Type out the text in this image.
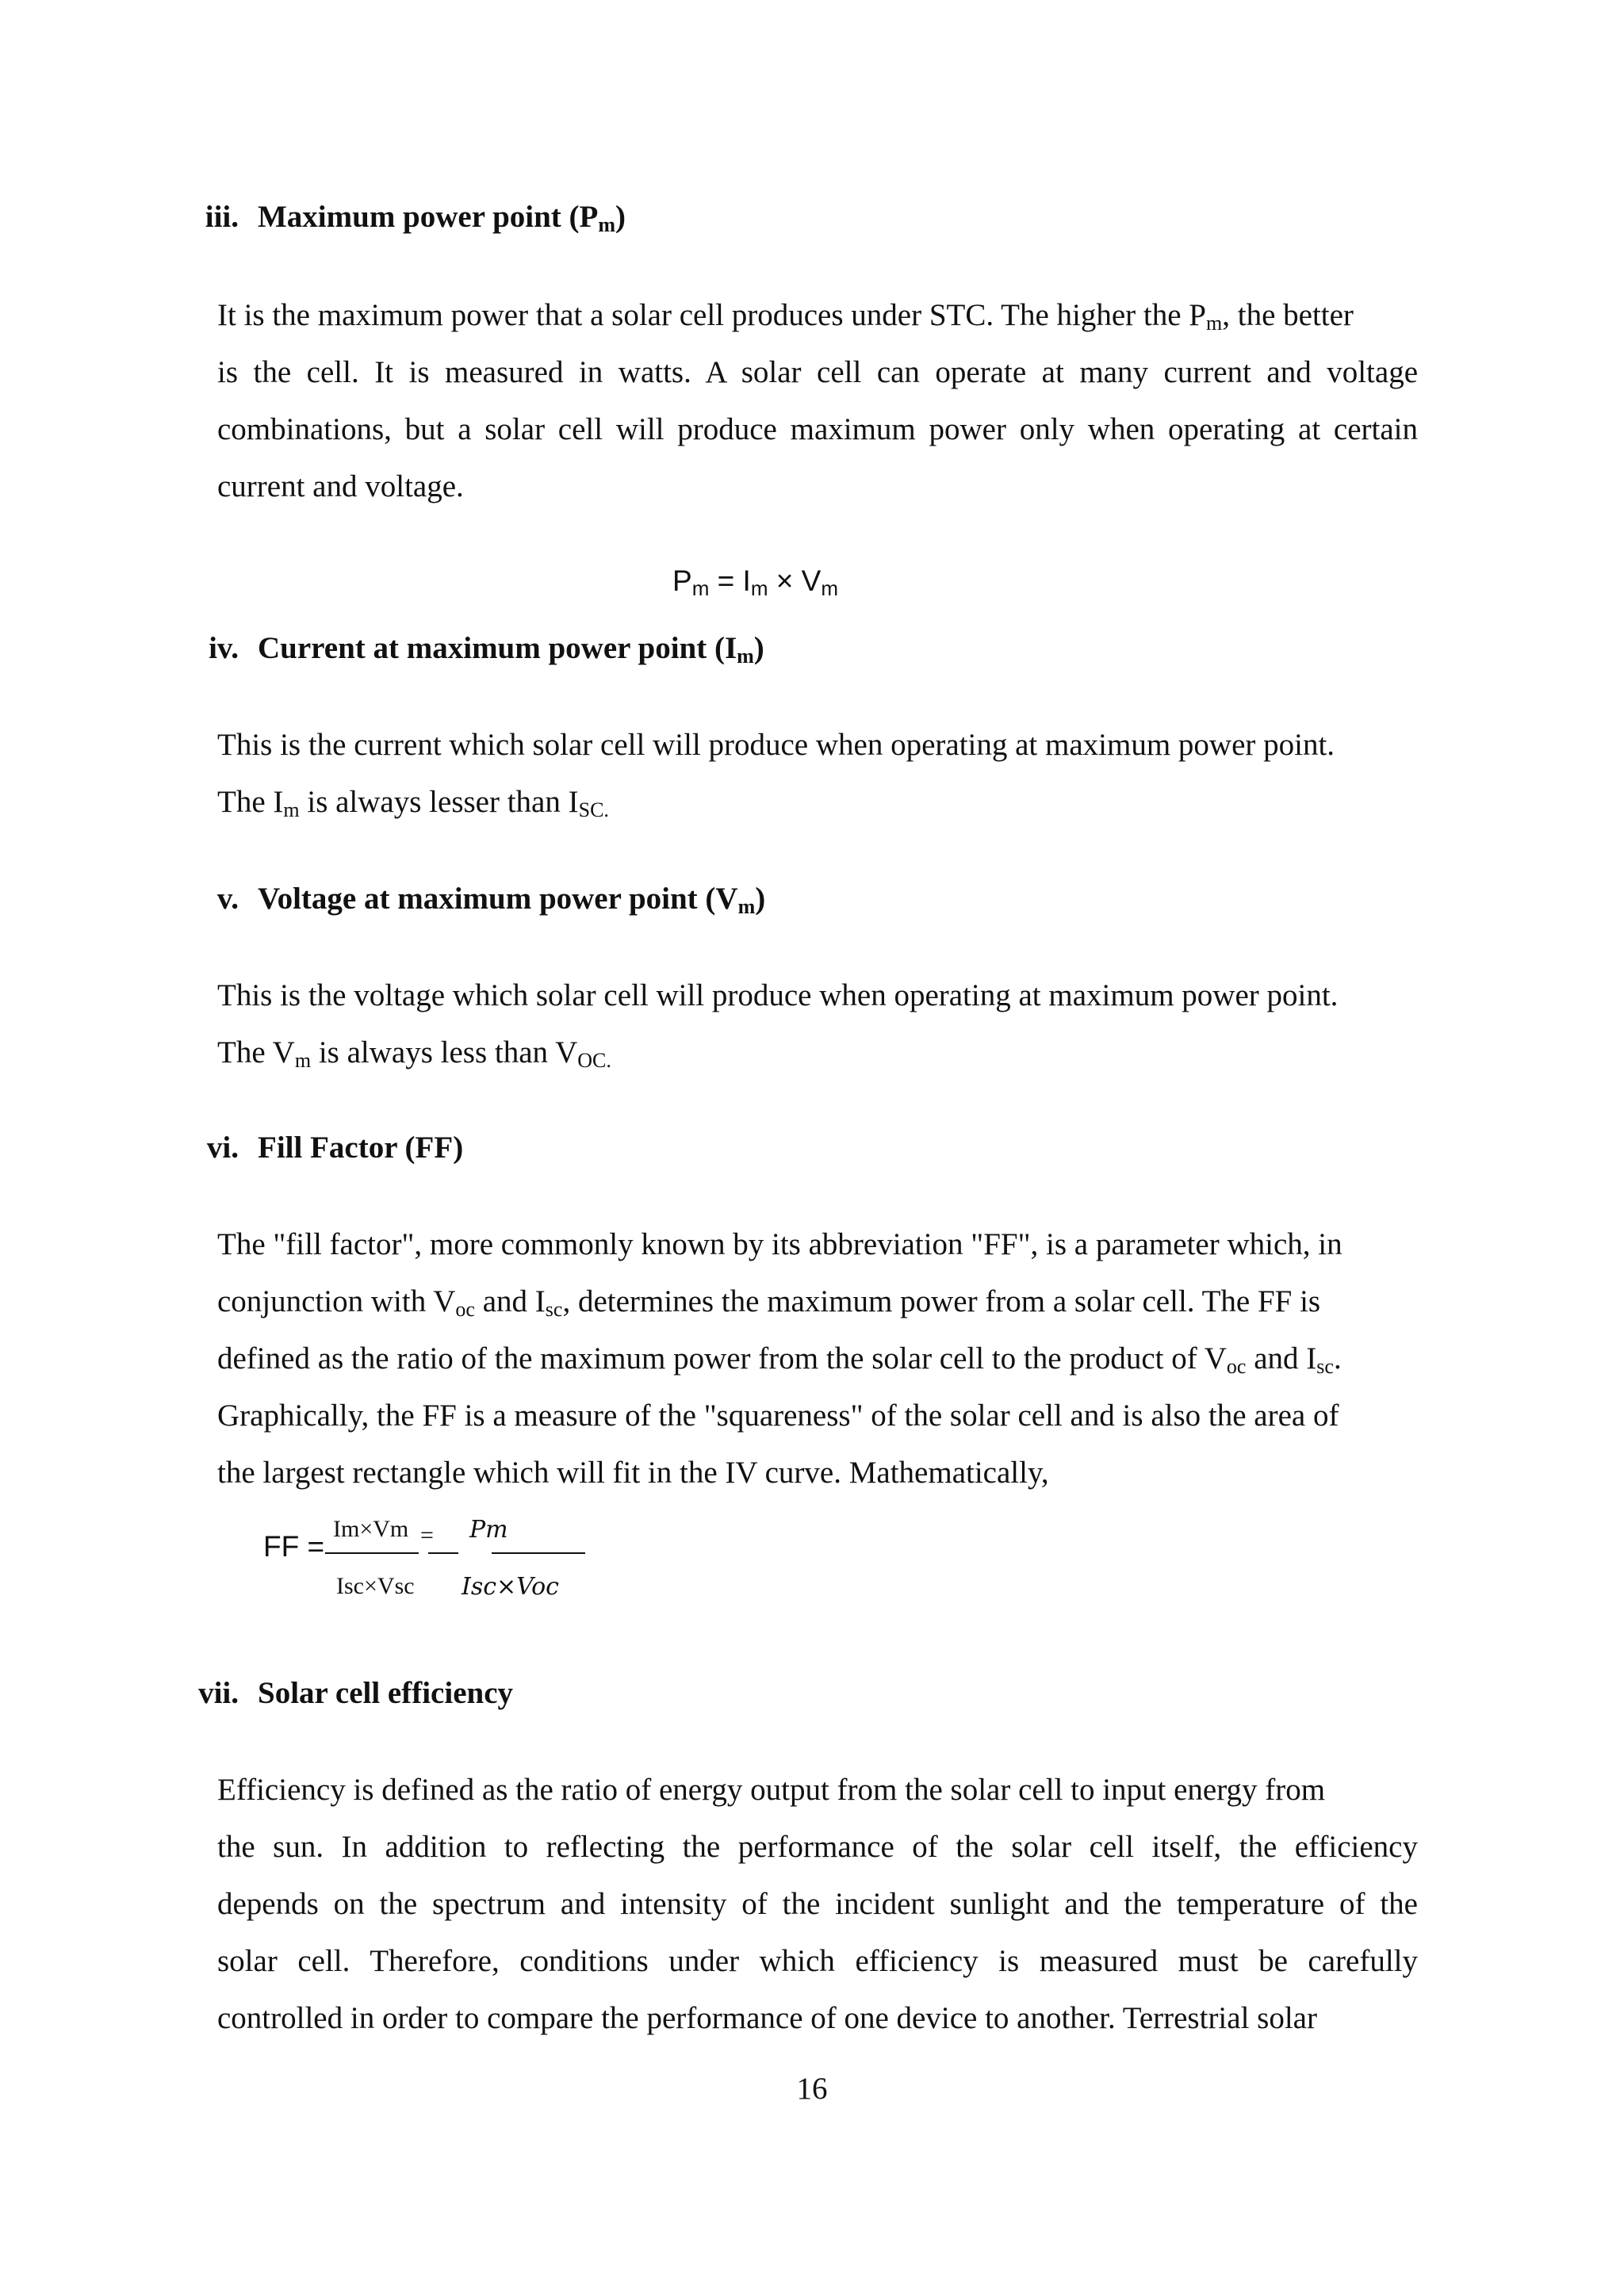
iii. Maximum power point $(P_m)$
It is the maximum power that a solar cell produces under STC. The higher the $P_m$, the better
is the cell. It is measured in watts. A solar cell can operate at many current and voltage
combinations, but a solar cell will produce maximum power only when operating at certain
current and voltage.
$P_m = I_m \times V_m$
iv. Current at maximum power point $(I_m)$
This is the current which solar cell will produce when operating at maximum power point.
The $I_m$ is always lesser than $I_{SC.}$
v. Voltage at maximum power point $(V_m)$
This is the voltage which solar cell will produce when operating at maximum power point.
The $V_m$ is always less than $V_{OC.}$
vi. Fill Factor (FF)
The "fill factor", more commonly known by its abbreviation "FF", is a parameter which, in
conjunction with $V_{oc}$ and $I_{sc}$, determines the maximum power from a solar cell. The FF is
defined as the ratio of the maximum power from the solar cell to the product of $V_{oc}$ and $I_{sc}$.
Graphically, the FF is a measure of the "squareness" of the solar cell and is also the area of
the largest rectangle which will fit in the IV curve. Mathematically,
FF =
Im×Vm = Pm
Isc×Vsc Isc×Voc
vii. Solar cell efficiency
Efficiency is defined as the ratio of energy output from the solar cell to input energy from
the sun. In addition to reflecting the performance of the solar cell itself, the efficiency
depends on the spectrum and intensity of the incident sunlight and the temperature of the
solar cell. Therefore, conditions under which efficiency is measured must be carefully
controlled in order to compare the performance of one device to another. Terrestrial solar
16
